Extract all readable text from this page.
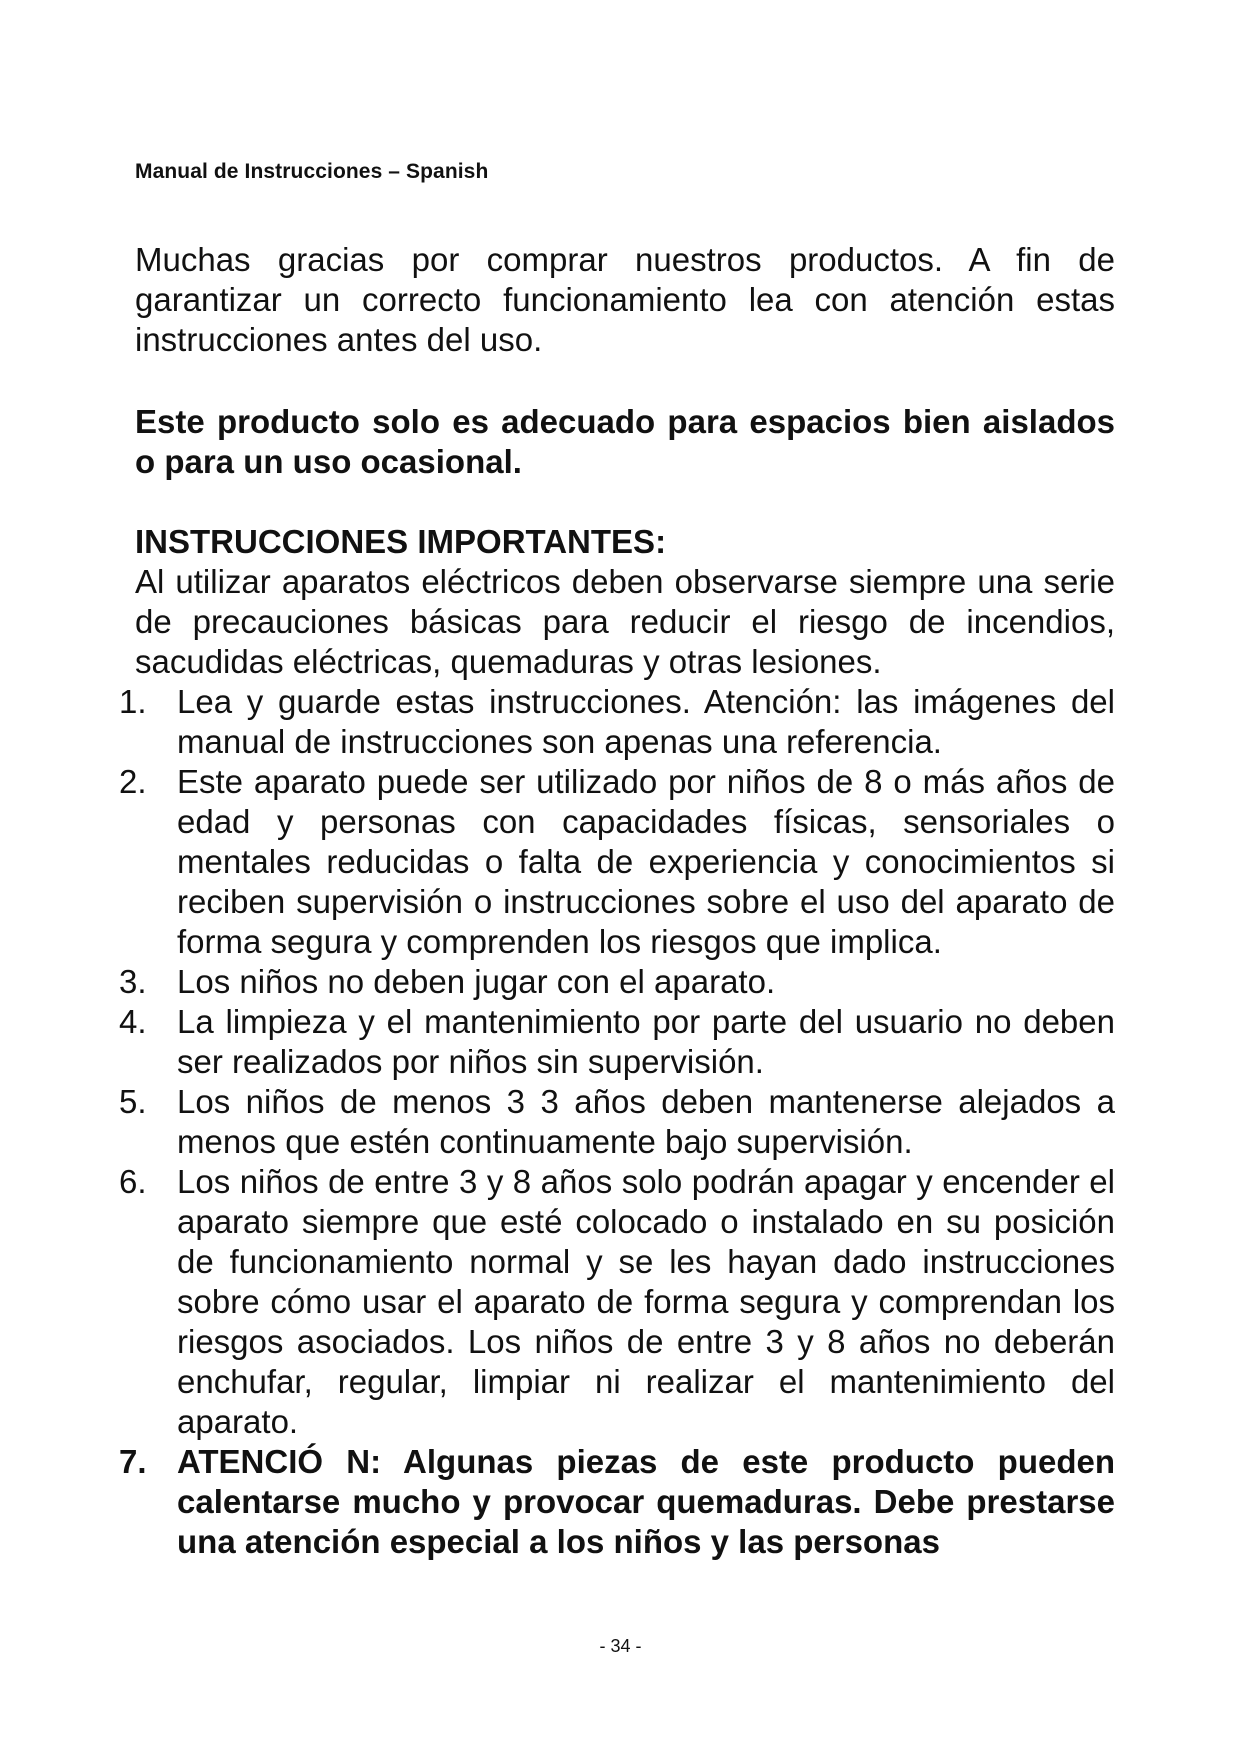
Manual de Instrucciones – Spanish

Muchas gracias por comprar nuestros productos. A fin de garantizar un correcto funcionamiento lea con atención estas instrucciones antes del uso.

Este producto solo es adecuado para espacios bien aislados o para un uso ocasional.

INSTRUCCIONES IMPORTANTES:

Al utilizar aparatos eléctricos deben observarse siempre una serie de precauciones básicas para reducir el riesgo de incendios, sacudidas eléctricas, quemaduras y otras lesiones.

1. Lea y guarde estas instrucciones. Atención: las imágenes del manual de instrucciones son apenas una referencia.
2. Este aparato puede ser utilizado por niños de 8 o más años de edad y personas con capacidades físicas, sensoriales o mentales reducidas o falta de experiencia y conocimientos si reciben supervisión o instrucciones sobre el uso del aparato de forma segura y comprenden los riesgos que implica.
3. Los niños no deben jugar con el aparato.
4. La limpieza y el mantenimiento por parte del usuario no deben ser realizados por niños sin supervisión.
5. Los niños de menos 3 3 años deben mantenerse alejados a menos que estén continuamente bajo supervisión.
6. Los niños de entre 3 y 8 años solo podrán apagar y encender el aparato siempre que esté colocado o instalado en su posición de funcionamiento normal y se les hayan dado instrucciones sobre cómo usar el aparato de forma segura y comprendan los riesgos asociados. Los niños de entre 3 y 8 años no deberán enchufar, regular, limpiar ni realizar el mantenimiento del aparato.
7. ATENCIÓ N: Algunas piezas de este producto pueden calentarse mucho y provocar quemaduras. Debe prestarse una atención especial a los niños y las personas
- 34 -
